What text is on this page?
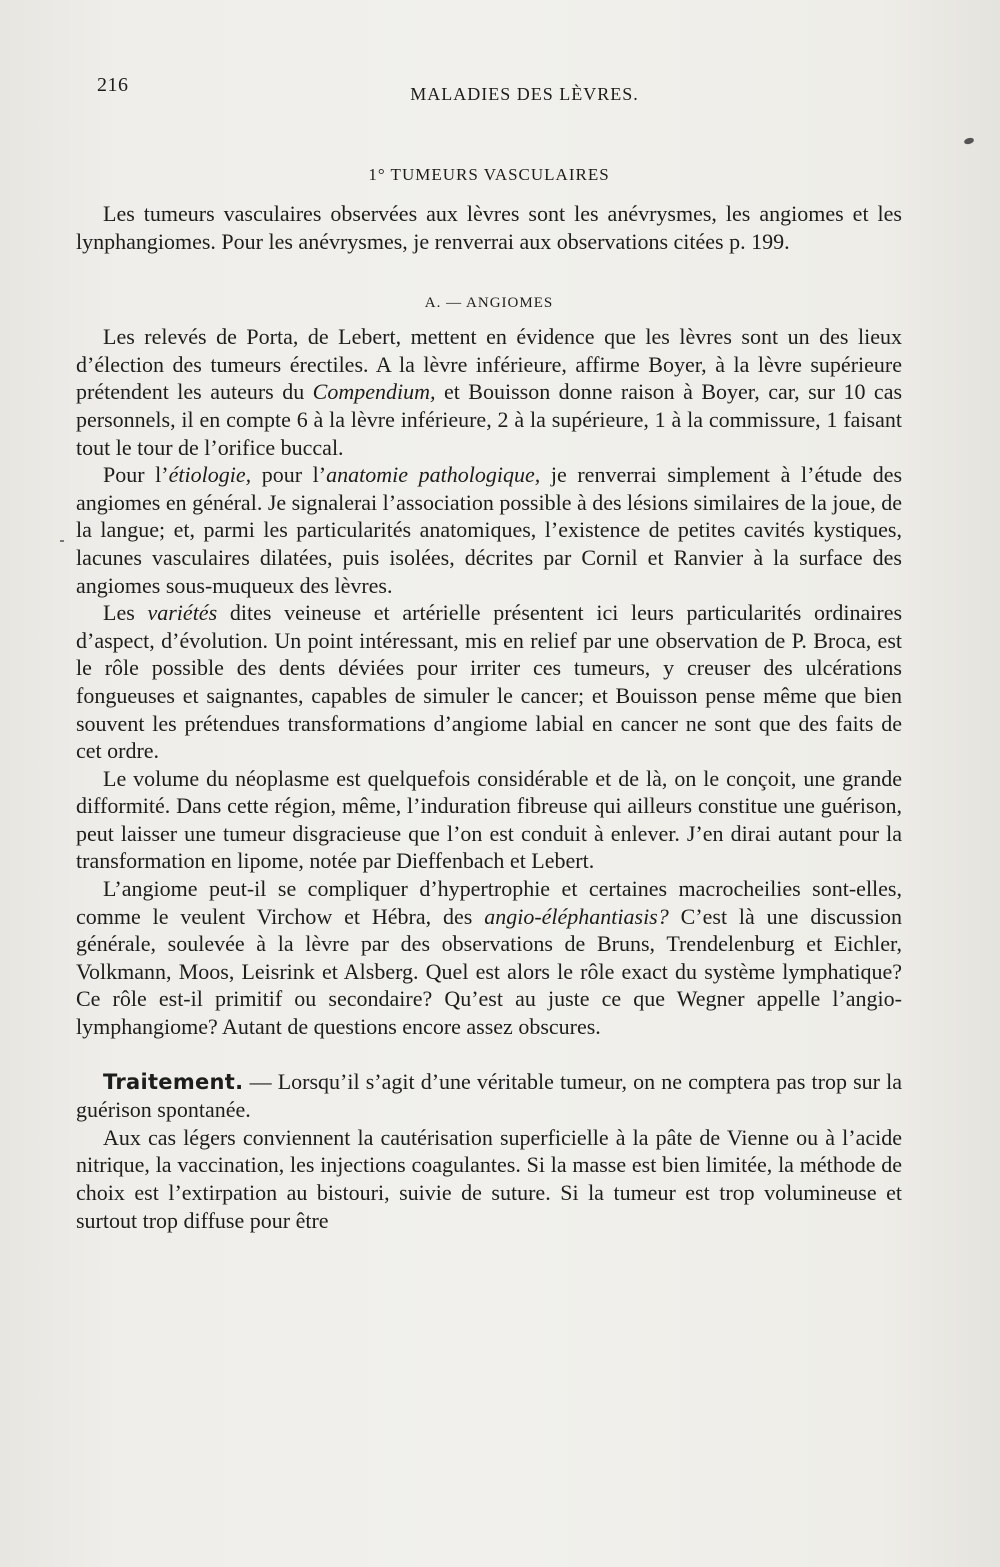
216	MALADIES DES LÈVRES.
1° TUMEURS VASCULAIRES

Les tumeurs vasculaires observées aux lèvres sont les anévrysmes, les angiomes et les lynphangiomes. Pour les anévrysmes, je renverrai aux observations citées p. 199.

A. — ANGIOMES

Les relevés de Porta, de Lebert, mettent en évidence que les lèvres sont un des lieux d’élection des tumeurs érectiles. A la lèvre inférieure, affirme Boyer, à la lèvre supérieure prétendent les auteurs du Compendium, et Bouisson donne raison à Boyer, car, sur 10 cas personnels, il en compte 6 à la lèvre inférieure, 2 à la supérieure, 1 à la commissure, 1 faisant tout le tour de l’orifice buccal.

Pour l’étiologie, pour l’anatomie pathologique, je renverrai simplement à l’étude des angiomes en général. Je signalerai l’association possible à des lésions similaires de la joue, de la langue; et, parmi les particularités anatomiques, l’existence de petites cavités kystiques, lacunes vasculaires dilatées, puis isolées, décrites par Cornil et Ranvier à la surface des angiomes sous-muqueux des lèvres.

Les variétés dites veineuse et artérielle présentent ici leurs particularités ordinaires d’aspect, d’évolution. Un point intéressant, mis en relief par une observation de P. Broca, est le rôle possible des dents déviées pour irriter ces tumeurs, y creuser des ulcérations fongueuses et saignantes, capables de simuler le cancer; et Bouisson pense même que bien souvent les prétendues transformations d’angiome labial en cancer ne sont que des faits de cet ordre.

Le volume du néoplasme est quelquefois considérable et de là, on le conçoit, une grande difformité. Dans cette région, même, l’induration fibreuse qui ailleurs constitue une guérison, peut laisser une tumeur disgracieuse que l’on est conduit à enlever. J’en dirai autant pour la transformation en lipome, notée par Dieffenbach et Lebert.

L’angiome peut-il se compliquer d’hypertrophie et certaines macrocheilies sont-elles, comme le veulent Virchow et Hébra, des angio-éléphantiasis? C’est là une discussion générale, soulevée à la lèvre par des observations de Bruns, Trendelenburg et Eichler, Volkmann, Moos, Leisrink et Alsberg. Quel est alors le rôle exact du système lymphatique? Ce rôle est-il primitif ou secondaire? Qu’est au juste ce que Wegner appelle l’angio-lymphangiome? Autant de questions encore assez obscures.

Traitement. — Lorsqu’il s’agit d’une véritable tumeur, on ne comptera pas trop sur la guérison spontanée.

Aux cas légers conviennent la cautérisation superficielle à la pâte de Vienne ou à l’acide nitrique, la vaccination, les injections coagulantes. Si la masse est bien limitée, la méthode de choix est l’extirpation au bistouri, suivie de suture. Si la tumeur est trop volumineuse et surtout trop diffuse pour être
